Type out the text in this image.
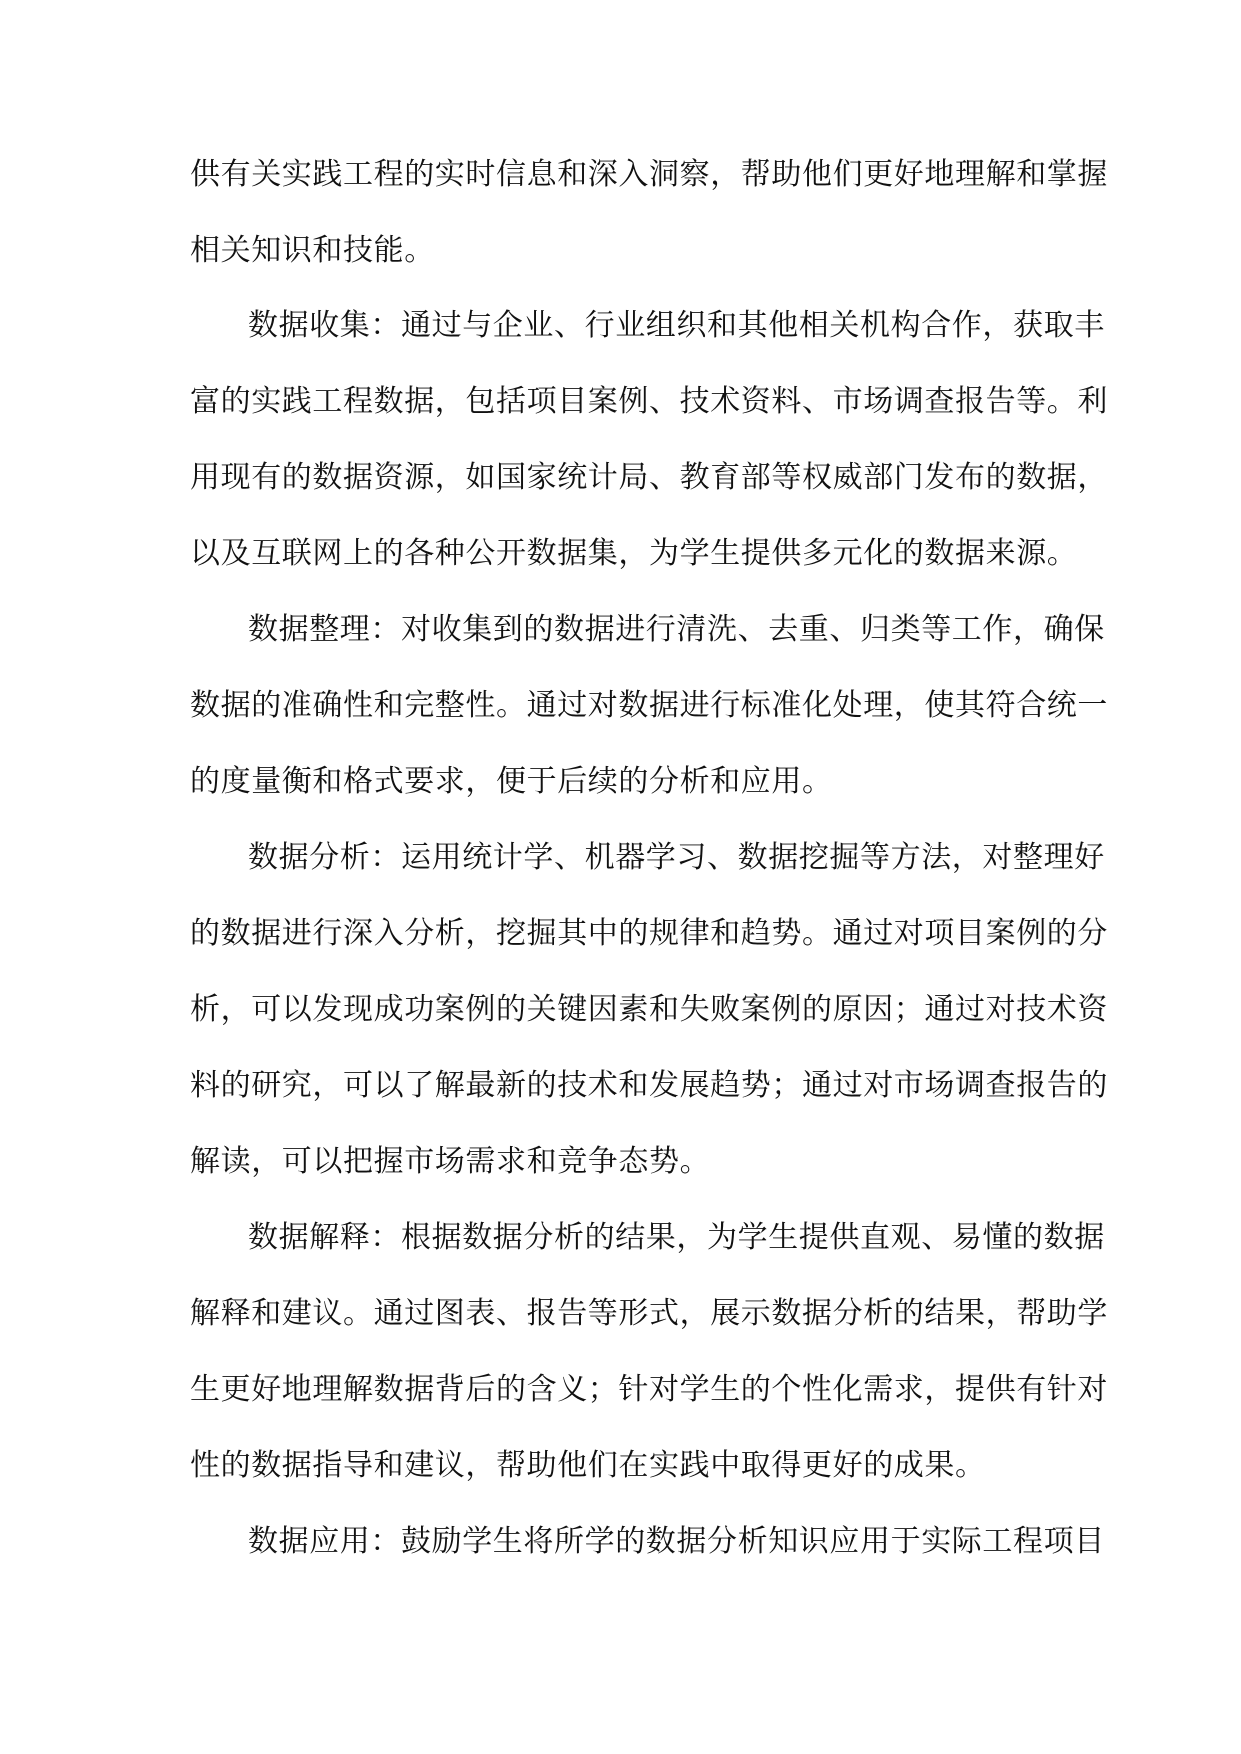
供有关实践工程的实时信息和深入洞察，帮助他们更好地理解和掌握
相关知识和技能。
数据收集：通过与企业、行业组织和其他相关机构合作，获取丰
富的实践工程数据，包括项目案例、技术资料、市场调查报告等。利
用现有的数据资源，如国家统计局、教育部等权威部门发布的数据，
以及互联网上的各种公开数据集，为学生提供多元化的数据来源。
数据整理：对收集到的数据进行清洗、去重、归类等工作，确保
数据的准确性和完整性。通过对数据进行标准化处理，使其符合统一
的度量衡和格式要求，便于后续的分析和应用。
数据分析：运用统计学、机器学习、数据挖掘等方法，对整理好
的数据进行深入分析，挖掘其中的规律和趋势。通过对项目案例的分
析，可以发现成功案例的关键因素和失败案例的原因；通过对技术资
料的研究，可以了解最新的技术和发展趋势；通过对市场调查报告的
解读，可以把握市场需求和竞争态势。
数据解释：根据数据分析的结果，为学生提供直观、易懂的数据
解释和建议。通过图表、报告等形式，展示数据分析的结果，帮助学
生更好地理解数据背后的含义；针对学生的个性化需求，提供有针对
性的数据指导和建议，帮助他们在实践中取得更好的成果。
数据应用：鼓励学生将所学的数据分析知识应用于实际工程项目
